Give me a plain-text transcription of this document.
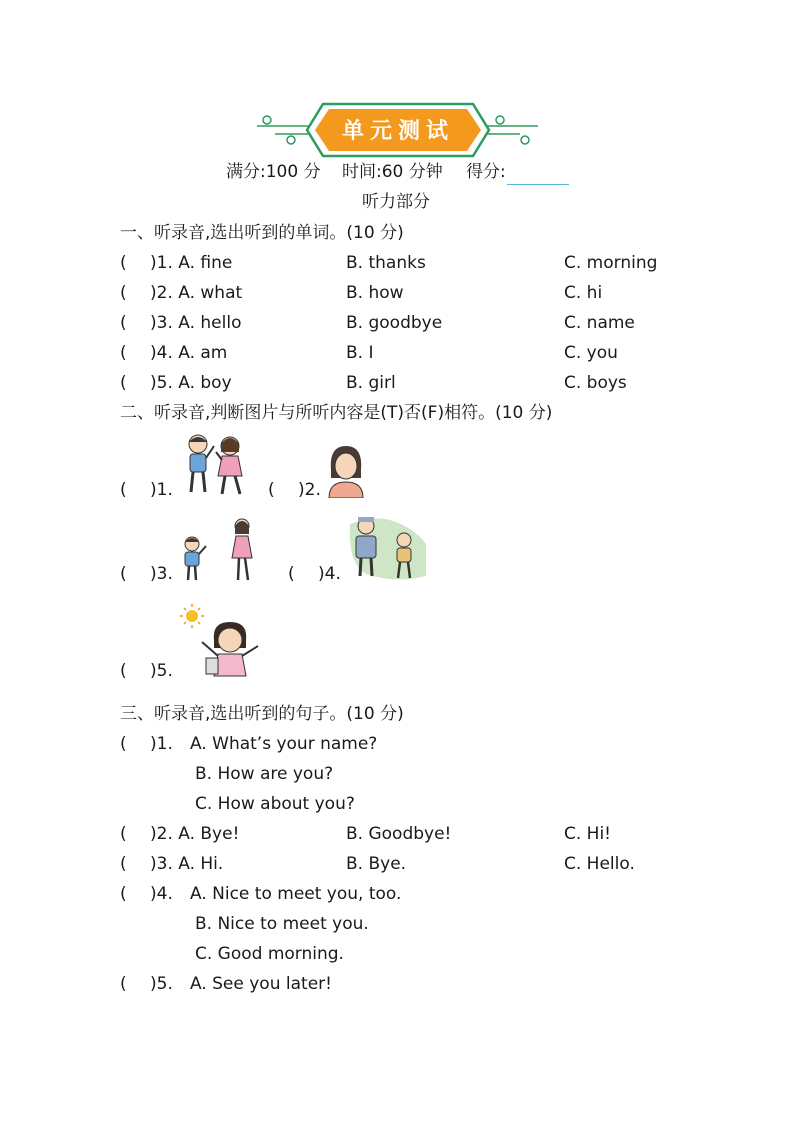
单元测试
满分:100 分 时间:60 分钟 得分:
听力部分
一、听录音,选出听到的单词。(10 分)
( )1. A. fine	B. thanks	C. morning
( )2. A. what	B. how	C. hi
( )3. A. hello	B. goodbye	C. name
( )4. A. am	B. I	C. you
( )5. A. boy	B. girl	C. boys
二、听录音,判断图片与所听内容是(T)否(F)相符。(10 分)
( )1.	( )2.
( )3.	( )4.
( )5.
三、听录音,选出听到的句子。(10 分)
( )1. A. What’s your name?
B. How are you?
C. How about you?
( )2. A. Bye!	B. Goodbye!	C. Hi!
( )3. A. Hi.	B. Bye.	C. Hello.
( )4. A. Nice to meet you, too.
B. Nice to meet you.
C. Good morning.
( )5. A. See you later!
